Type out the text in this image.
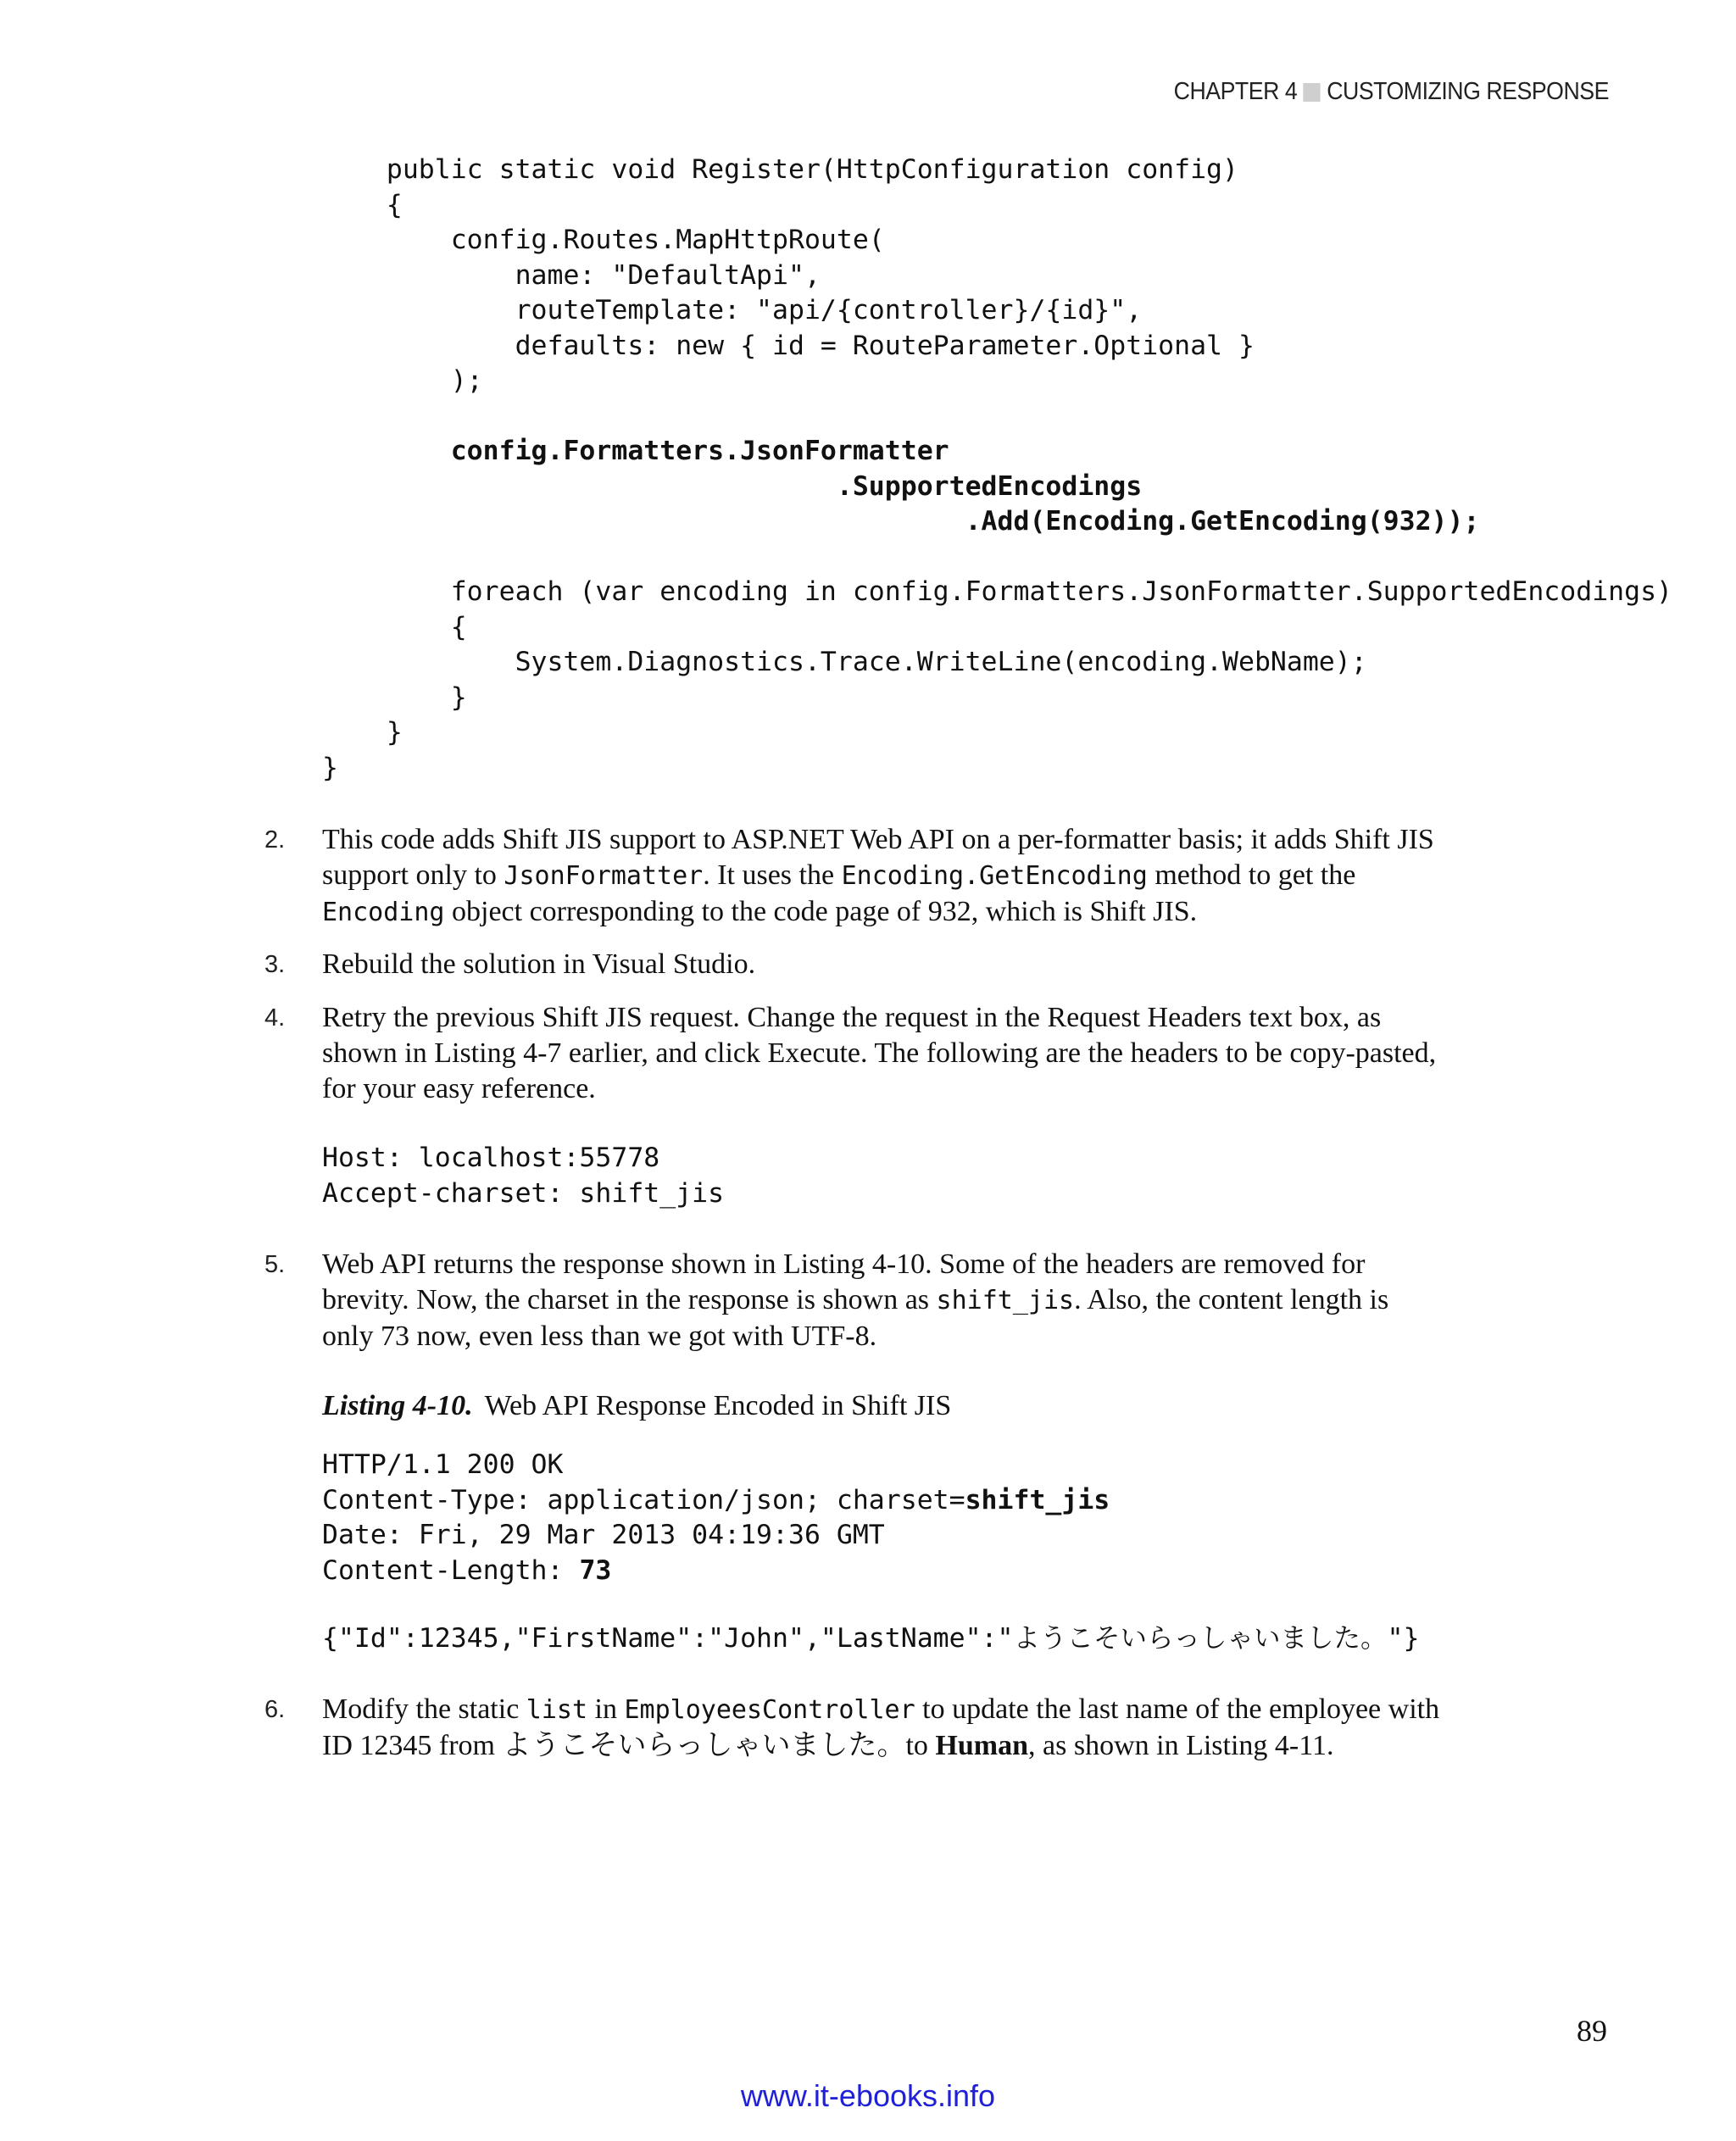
CHAPTER 4 CUSTOMIZING RESPONSE
public static void Register(HttpConfiguration config)
{
config.Routes.MapHttpRoute(
name: "DefaultApi",
routeTemplate: "api/{controller}/{id}",
defaults: new { id = RouteParameter.Optional }
);

config.Formatters.JsonFormatter
.SupportedEncodings
.Add(Encoding.GetEncoding(932));

foreach (var encoding in config.Formatters.JsonFormatter.SupportedEncodings)
{
System.Diagnostics.Trace.WriteLine(encoding.WebName);
}
}
}
2. This code adds Shift JIS support to ASP.NET Web API on a per-formatter basis; it adds Shift JIS support only to JsonFormatter. It uses the Encoding.GetEncoding method to get the
Encoding object corresponding to the code page of 932, which is Shift JIS.
3. Rebuild the solution in Visual Studio.
4. Retry the previous Shift JIS request. Change the request in the Request Headers text box, as shown in Listing 4-7 earlier, and click Execute. The following are the headers to be copy-pasted, for your easy reference.
Host: localhost:55778
Accept-charset: shift_jis
5. Web API returns the response shown in Listing 4-10. Some of the headers are removed for brevity. Now, the charset in the response is shown as shift_jis. Also, the content length is only 73 now, even less than we got with UTF-8.
Listing 4-10. Web API Response Encoded in Shift JIS
HTTP/1.1 200 OK
Content-Type: application/json; charset=shift_jis
Date: Fri, 29 Mar 2013 04:19:36 GMT
Content-Length: 73
{"Id":12345,"FirstName":"John","LastName":"ようこそいらっしゃいました。"}
6. Modify the static list in EmployeesController to update the last name of the employee with ID 12345 from ようこそいらっしゃいました。to Human, as shown in Listing 4-11.
89
www.it-ebooks.info
